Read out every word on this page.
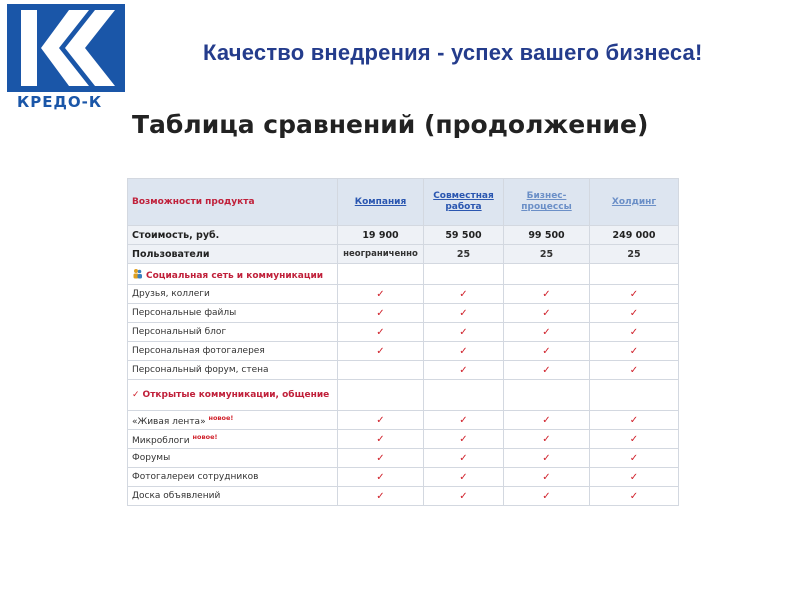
КРЕДО-К
Качество внедрения - успех вашего бизнеса!
Таблица сравнений (продолжение)
Возможности продукта	Компания	Совместная работа	Бизнес-процессы	Холдинг
Стоимость, руб.	19 900	59 500	99 500	249 000
Пользователи	неограниченно	25	25	25
Социальная сеть и коммуникации				
Друзья, коллеги	✓	✓	✓	✓
Персональные файлы	✓	✓	✓	✓
Персональный блог	✓	✓	✓	✓
Персональная фотогалерея	✓	✓	✓	✓
Персональный форум, стена		✓	✓	✓
✓ Открытые коммуникации, общение				
«Живая лента» $^{новое!}$	✓	✓	✓	✓
Микроблоги $^{новое!}$	✓	✓	✓	✓
Форумы	✓	✓	✓	✓
Фотогалереи сотрудников	✓	✓	✓	✓
Доска объявлений	✓	✓	✓	✓
